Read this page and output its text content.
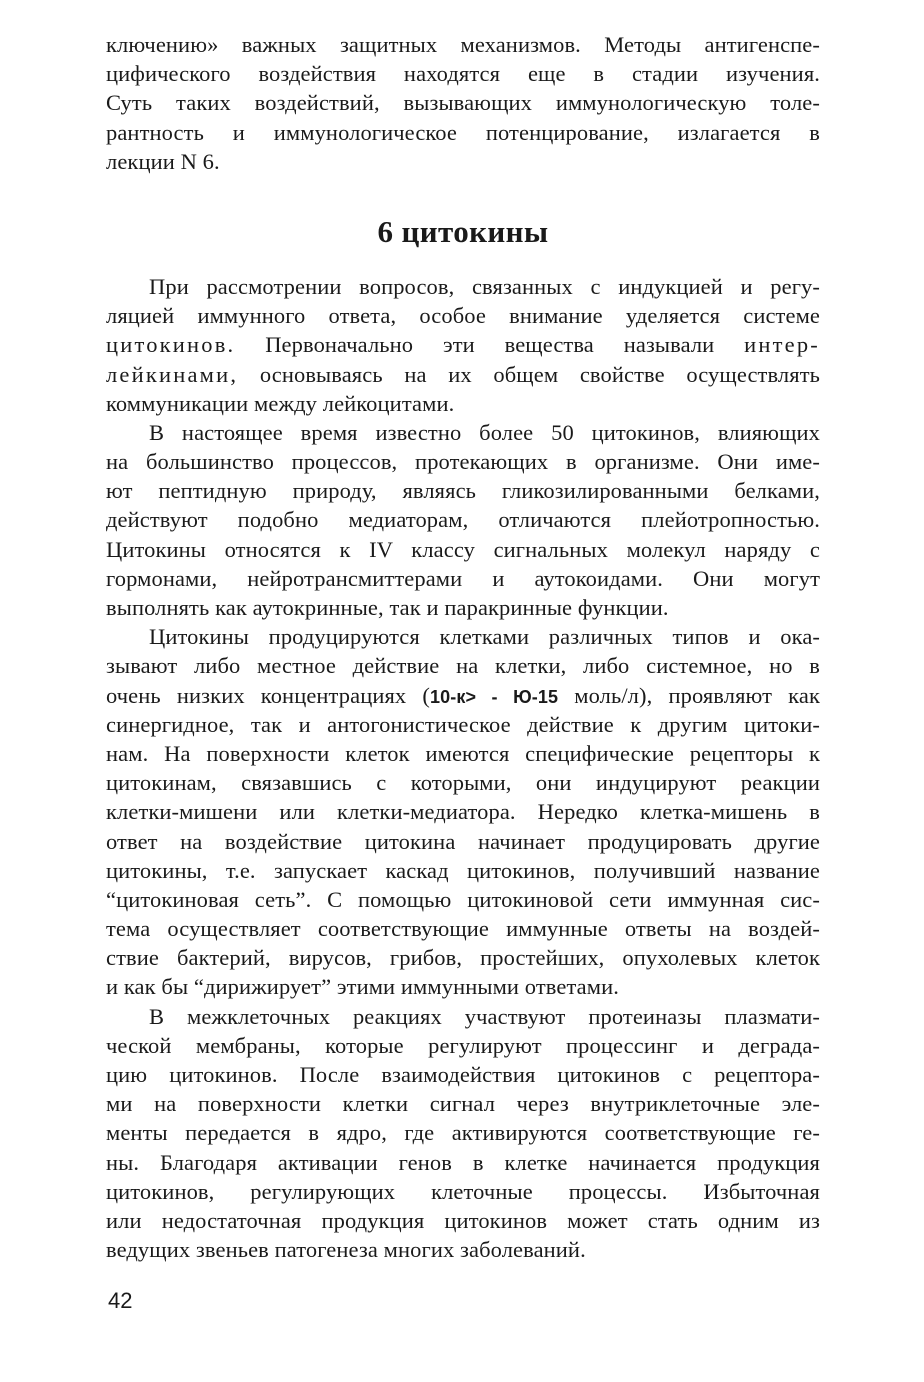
ключению» важных защитных механизмов. Методы антигенспе-
цифического воздействия находятся еще в стадии изучения.
Суть таких воздействий, вызывающих иммунологическую толе-
рантность и иммунологическое потенцирование, излагается в
лекции N 6.
6 цитокины
При рассмотрении вопросов, связанных с индукцией и регу-
ляцией иммунного ответа, особое внимание уделяется системе
цитокинов. Первоначально эти вещества называли интер-
лейкинами, основываясь на их общем свойстве осуществлять
коммуникации между лейкоцитами.
В настоящее время известно более 50 цитокинов, влияющих
на большинство процессов, протекающих в организме. Они име-
ют пептидную природу, являясь гликозилированными белками,
действуют подобно медиаторам, отличаются плейотропностью.
Цитокины относятся к IV классу сигнальных молекул наряду с
гормонами, нейротрансмиттерами и аутокоидами. Они могут
выполнять как аутокринные, так и паракринные функции.
Цитокины продуцируются клетками различных типов и ока-
зывают либо местное действие на клетки, либо системное, но в
очень низких концентрациях (10-к> - Ю-15 моль/л), проявляют как
синергидное, так и антогонистическое действие к другим цитоки-
нам. На поверхности клеток имеются специфические рецепторы к
цитокинам, связавшись с которыми, они индуцируют реакции
клетки-мишени или клетки-медиатора. Нередко клетка-мишень в
ответ на воздействие цитокина начинает продуцировать другие
цитокины, т.е. запускает каскад цитокинов, получивший название
“цитокиновая сеть”. С помощью цитокиновой сети иммунная сис-
тема осуществляет соответствующие иммунные ответы на воздей-
ствие бактерий, вирусов, грибов, простейших, опухолевых клеток
и как бы “дирижирует” этими иммунными ответами.
В межклеточных реакциях участвуют протеиназы плазмати-
ческой мембраны, которые регулируют процессинг и деграда-
цию цитокинов. После взаимодействия цитокинов с рецептора-
ми на поверхности клетки сигнал через внутриклеточные эле-
менты передается в ядро, где активируются соответствующие ге-
ны. Благодаря активации генов в клетке начинается продукция
цитокинов, регулирующих клеточные процессы. Избыточная
или недостаточная продукция цитокинов может стать одним из
ведущих звеньев патогенеза многих заболеваний.
42
